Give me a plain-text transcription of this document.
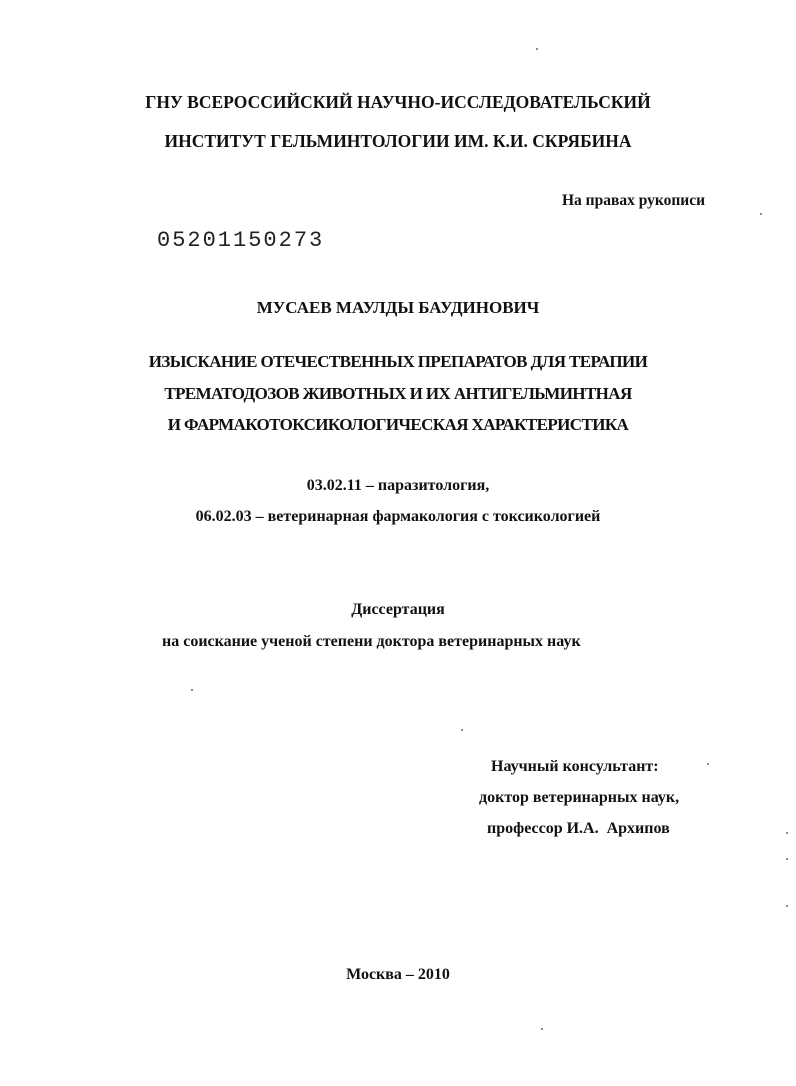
ГНУ ВСЕРОССИЙСКИЙ НАУЧНО-ИССЛЕДОВАТЕЛЬСКИЙ
ИНСТИТУТ ГЕЛЬМИНТОЛОГИИ ИМ. К.И. СКРЯБИНА
На правах рукописи
05201150273
МУСАЕВ МАУЛДЫ БАУДИНОВИЧ
ИЗЫСКАНИЕ ОТЕЧЕСТВЕННЫХ ПРЕПАРАТОВ ДЛЯ ТЕРАПИИ
ТРЕМАТОДОЗОВ ЖИВОТНЫХ И ИХ АНТИГЕЛЬМИНТНАЯ
И ФАРМАКОТОКСИКОЛОГИЧЕСКАЯ ХАРАКТЕРИСТИКА
03.02.11 – паразитология,
06.02.03 – ветеринарная фармакология с токсикологией
Диссертация
на соискание ученой степени доктора ветеринарных наук
Научный консультант:
доктор ветеринарных наук,
профессор И.А.  Архипов
Москва – 2010
